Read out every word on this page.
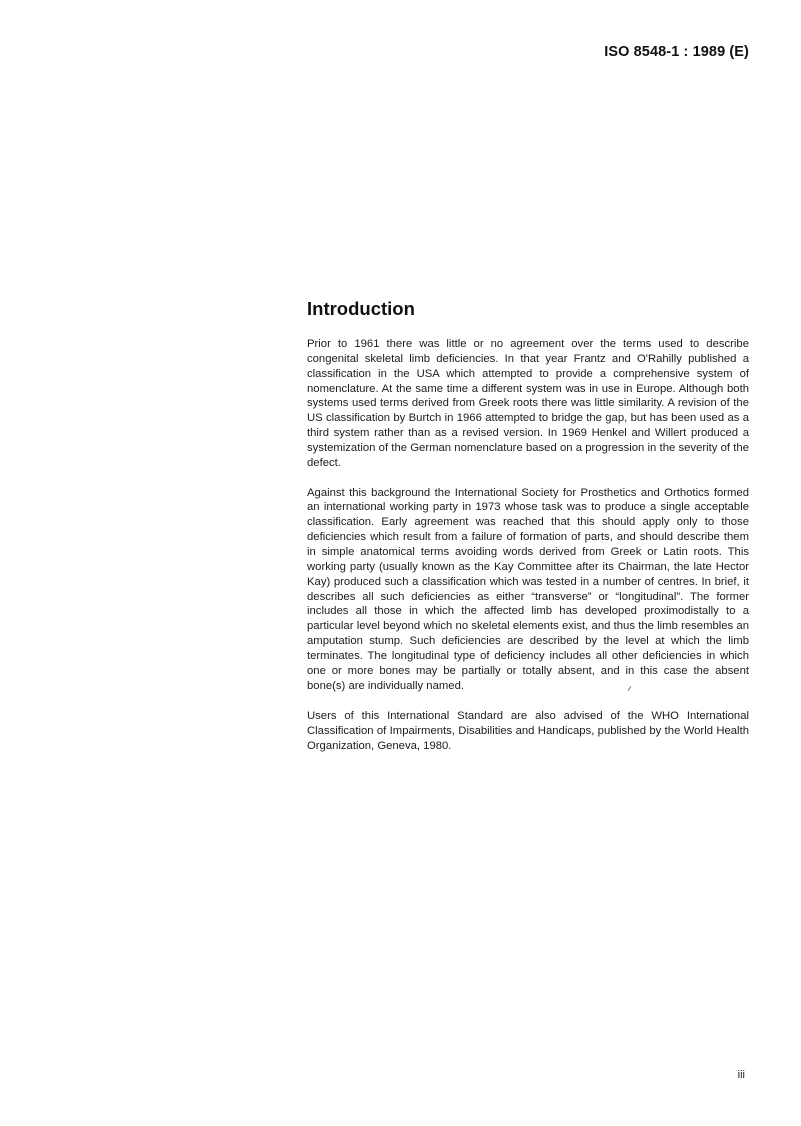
ISO 8548-1 : 1989 (E)
Introduction

Prior to 1961 there was little or no agreement over the terms used to describe congenital skeletal limb deficiencies. In that year Frantz and O'Rahilly published a classification in the USA which attempted to provide a comprehensive system of nomenclature. At the same time a different system was in use in Europe. Although both systems used terms derived from Greek roots there was little similarity. A revision of the US classification by Burtch in 1966 attempted to bridge the gap, but has been used as a third system rather than as a revised version. In 1969 Henkel and Willert produced a systemization of the German nomenclature based on a progression in the severity of the defect.

Against this background the International Society for Prosthetics and Orthotics formed an international working party in 1973 whose task was to produce a single acceptable classification. Early agreement was reached that this should apply only to those deficiencies which result from a failure of formation of parts, and should describe them in simple anatomical terms avoiding words derived from Greek or Latin roots. This working party (usually known as the Kay Committee after its Chairman, the late Hector Kay) produced such a classification which was tested in a number of centres. In brief, it describes all such deficiencies as either “transverse” or “longitudinal”. The former includes all those in which the affected limb has developed proximodistally to a particular level beyond which no skeletal elements exist, and thus the limb resembles an amputation stump. Such deficiencies are described by the level at which the limb terminates. The longitudinal type of deficiency includes all other deficiencies in which one or more bones may be partially or totally absent, and in this case the absent bone(s) are individually named.

Users of this International Standard are also advised of the WHO International Classification of Impairments, Disabilities and Handicaps, published by the World Health Organization, Geneva, 1980.

iii
